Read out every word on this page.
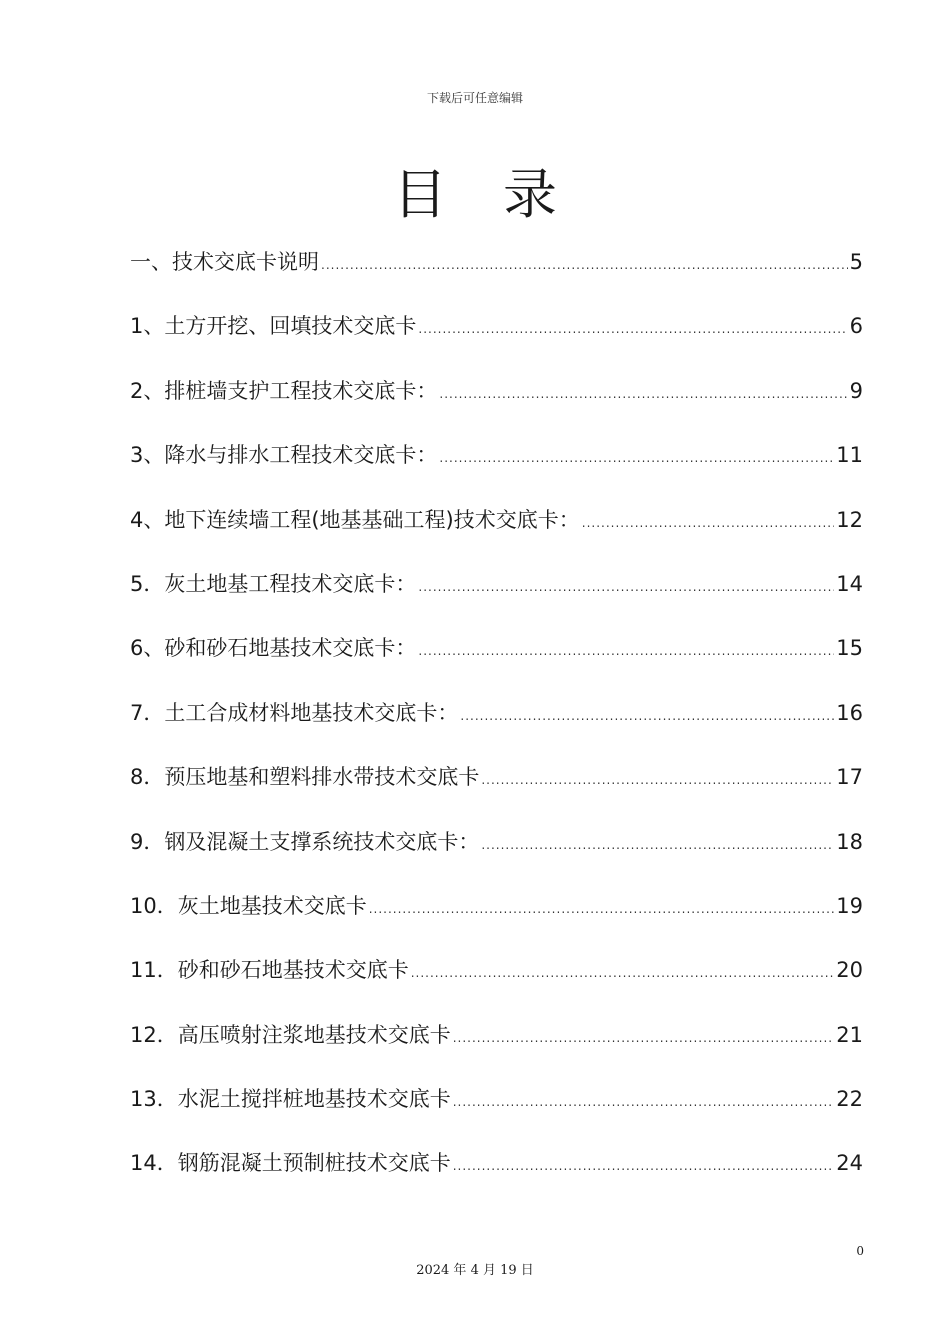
下载后可任意编辑
目录
一、技术交底卡说明 .....	5
1、土方开挖、回填技术交底卡 .....	6
2、排桩墙支护工程技术交底卡： .....	9
3、降水与排水工程技术交底卡： .....	11
4、地下连续墙工程(地基基础工程)技术交底卡： .....	12
5．灰土地基工程技术交底卡： .....	14
6、砂和砂石地基技术交底卡： .....	15
7．土工合成材料地基技术交底卡： .....	16
8．预压地基和塑料排水带技术交底卡 .....	17
9．钢及混凝土支撑系统技术交底卡： .....	18
10．灰土地基技术交底卡 .....	19
11．砂和砂石地基技术交底卡 .....	20
12．高压喷射注浆地基技术交底卡 .....	21
13．水泥土搅拌桩地基技术交底卡 .....	22
14．钢筋混凝土预制桩技术交底卡 .....	24
0
2024 年 4 月 19 日
